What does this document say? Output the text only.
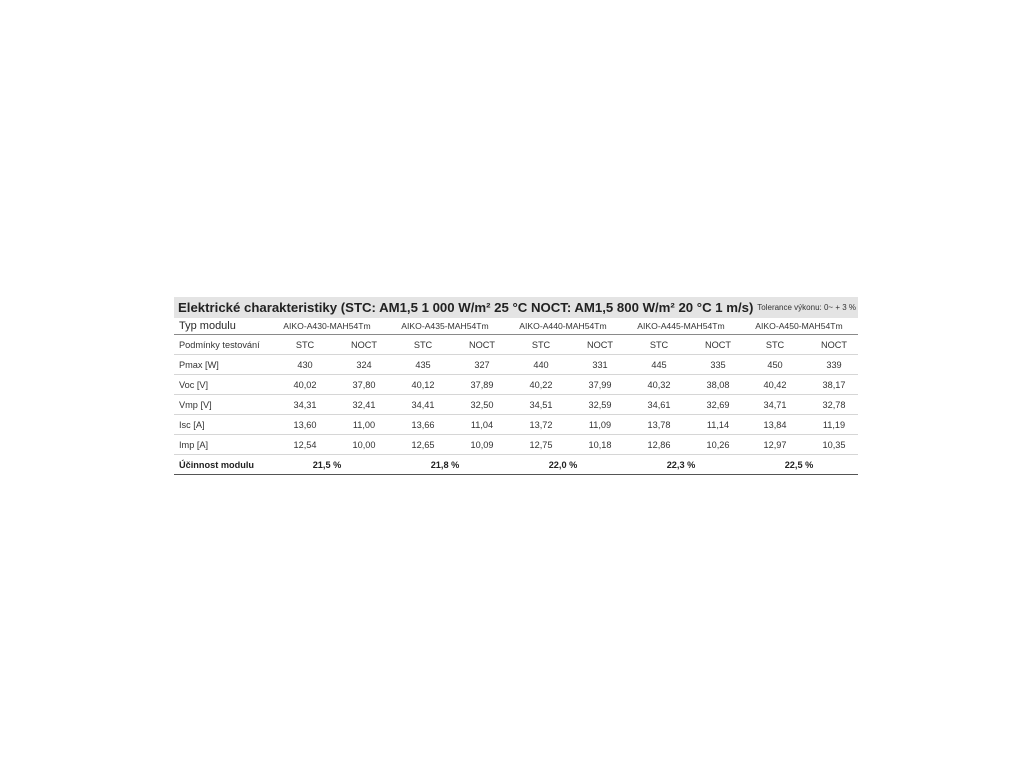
Elektrické charakteristiky (STC: AM1,5 1 000 W/m² 25 °C NOCT: AM1,5 800 W/m² 20 °C 1 m/s) Tolerance výkonu: 0~ + 3 %
Typ modulu	AIKO-A430-MAH54Tm		AIKO-A435-MAH54Tm		AIKO-A440-MAH54Tm		AIKO-A445-MAH54Tm		AIKO-A450-MAH54Tm	
Podmínky testování	STC	NOCT	STC	NOCT	STC	NOCT	STC	NOCT	STC	NOCT
Pmax [W]	430	324	435	327	440	331	445	335	450	339
Voc [V]	40,02	37,80	40,12	37,89	40,22	37,99	40,32	38,08	40,42	38,17
Vmp [V]	34,31	32,41	34,41	32,50	34,51	32,59	34,61	32,69	34,71	32,78
Isc [A]	13,60	11,00	13,66	11,04	13,72	11,09	13,78	11,14	13,84	11,19
Imp [A]	12,54	10,00	12,65	10,09	12,75	10,18	12,86	10,26	12,97	10,35
Účinnost modulu	21,5 %		21,8 %		22,0 %		22,3 %		22,5 %	
